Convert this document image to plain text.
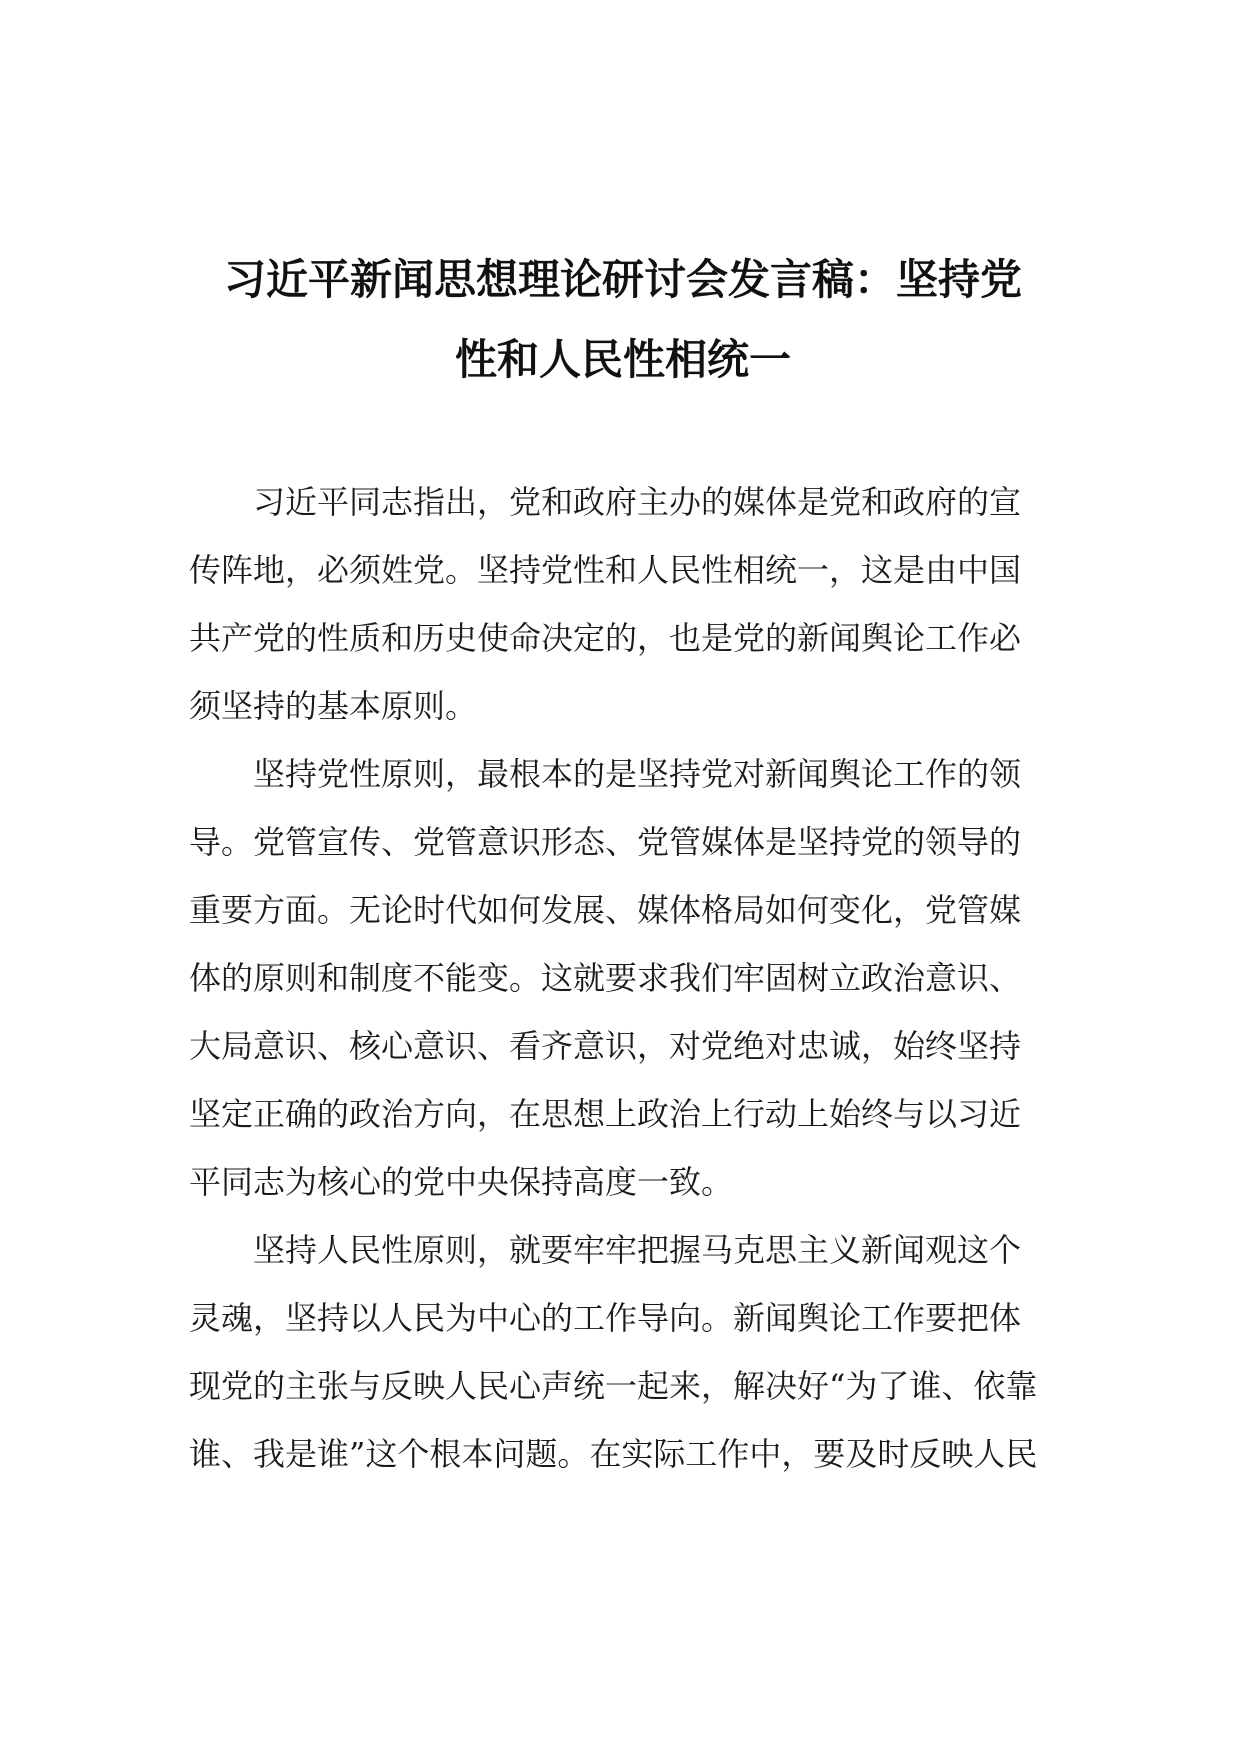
习近平新闻思想理论研讨会发言稿：坚持党
性和人民性相统一
习近平同志指出，党和政府主办的媒体是党和政府的宣
传阵地，必须姓党。坚持党性和人民性相统一，这是由中国
共产党的性质和历史使命决定的，也是党的新闻舆论工作必
须坚持的基本原则。
坚持党性原则，最根本的是坚持党对新闻舆论工作的领
导。党管宣传、党管意识形态、党管媒体是坚持党的领导的
重要方面。无论时代如何发展、媒体格局如何变化，党管媒
体的原则和制度不能变。这就要求我们牢固树立政治意识、
大局意识、核心意识、看齐意识，对党绝对忠诚，始终坚持
坚定正确的政治方向，在思想上政治上行动上始终与以习近
平同志为核心的党中央保持高度一致。
坚持人民性原则，就要牢牢把握马克思主义新闻观这个
灵魂，坚持以人民为中心的工作导向。新闻舆论工作要把体
现党的主张与反映人民心声统一起来，解决好“为了谁、依靠
谁、我是谁”这个根本问题。在实际工作中，要及时反映人民
